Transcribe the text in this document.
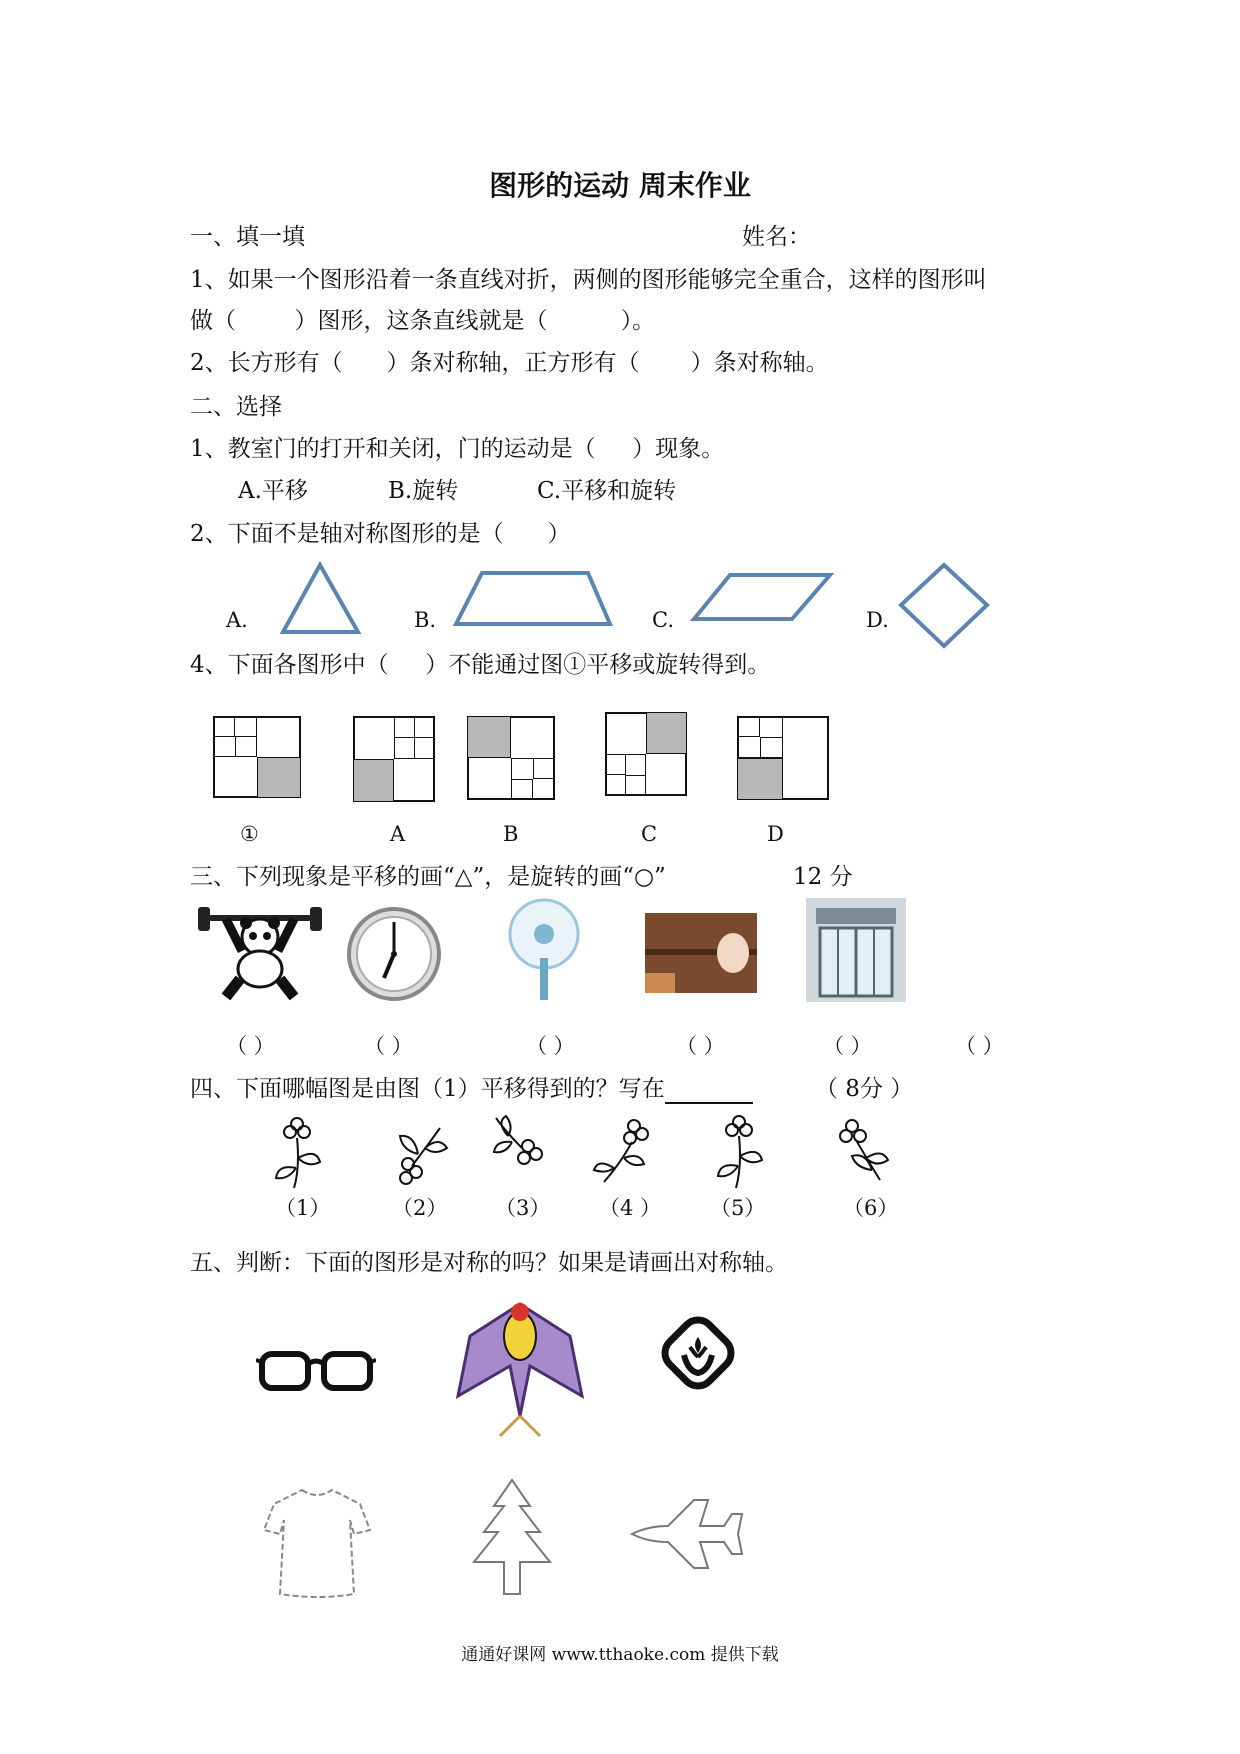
图形的运动 周末作业
一、填一填	姓名：
1、如果一个图形沿着一条直线对折，两侧的图形能够完全重合，这样的图形叫
做（        ）图形，这条直线就是（          ）。
2、长方形有（      ）条对称轴，正方形有（       ）条对称轴。
二、选择
1、教室门的打开和关闭，门的运动是（     ）现象。
A.平移	B.旋转	C.平移和旋转
2、下面不是轴对称图形的是（      ）
A.	B.	C.	D.
4、下面各图形中（     ）不能通过图①平移或旋转得到。
①	A	B	C	D
三、下列现象是平移的画“△”，是旋转的画“○”	12 分
（ ）	（ ）	（ ）	（ ）	（ ）	（ ）
四、下面哪幅图是由图（1）平移得到的？写在	（ 8分 ）
（1）	（2） （3） （4 ） （5）	（6）
五、判断：下面的图形是对称的吗？如果是请画出对称轴。
通通好课网 www.tthaoke.com 提供下载
